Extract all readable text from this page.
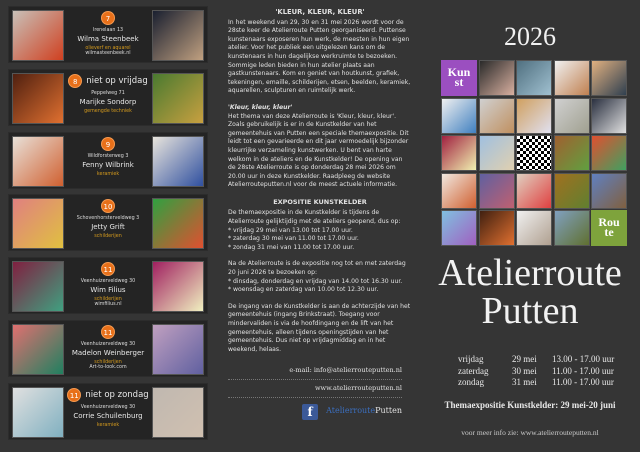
7
Irenelaan 13
Wilma Steenbeek
olieverf en aquarel
wilmasteenbeek.nl
8 niet op vrijdag
Peppelweg 71
Marijke Sondorp
gemengde techniek
9
Wildforsterweg 3
Fenny Wilbrink
keramiek
10
Schovenhorsterveldweg 3
Jetty Grift
schilderijen
11
Veenhuizerveldweg 30
Wim Filius
schilderijen
wimfilius.nl
11
Veenhuizerveldweg 30
Madelon Weinberger
schilderijen
Art-to-look.com
11 niet op zondag
Veenhuizerveldweg 30
Corrie Schuilenburg
keramiek
'KLEUR, KLEUR, KLEUR'

In het weekend van 29, 30 en 31 mei 2026 wordt voor de 28ste keer de Atelierroute Putten georganiseerd. Puttense kunstenaars exposeren hun werk, de meesten in hun eigen atelier. Voor het publiek een uitgelezen kans om de kunstenaars in hun dagelijkse werkruimte te bezoeken. Sommige leden bieden in hun atelier plaats aan gastkunstenaars. Kom en geniet van houtkunst, grafiek, tekeningen, emaille, schilderijen, etsen, beelden, keramiek, aquarellen, sculpturen en ruimtelijk werk.

'Kleur, kleur, kleur'

Het thema van deze Atelierroute is 'Kleur, kleur, kleur'. Zoals gebruikelijk is er in de Kunstkelder van het gemeentehuis van Putten een speciale themaexpositie. Dit leidt tot een gevarieerde en dit jaar vermoedelijk bijzonder kleurrijke verzameling kunstwerken. U bent van harte welkom in de ateliers en de Kunstkelder! De opening van de 28ste Atelierroute is op donderdag 28 mei 2026 om 20.00 uur in deze Kunstkelder. Raadpleeg de website Atelierrouteputten.nl voor de meest actuele informatie.

EXPOSITIE KUNSTKELDER
De themaexpositie in de Kunstkelder is tijdens de Atelierroute gelijktijdig met de ateliers geopend, dus op:
* vrijdag 29 mei van 13.00 tot 17.00 uur.
* zaterdag 30 mei van 11.00 tot 17.00 uur.

* zondag 31 mei van 11.00 tot 17.00 uur.

Na de Atelierroute is de expositie nog tot en met zaterdag 20 juni 2026 te bezoeken op:
* dinsdag, donderdag en vrijdag van 14.00 tot 16.30 uur.

* woensdag en zaterdag van 10.00 tot 12.30 uur.

De ingang van de Kunstkelder is aan de achterzijde van het gemeentehuis (ingang Brinkstraat). Toegang voor mindervaliden is via de hoofdingang en de lift van het gemeentehuis, alleen tijdens openingstijden van het gemeentehuis. Dus niet op vrijdagmiddag en in het weekend, helaas.

e-mail: info@atelierrouteputten.nl
www.atelierrouteputten.nl
f	AtelierroutePutten
2026
Kun
st
Rou
te
Atelierroute
Putten
vrijdag	29 mei	13.00 - 17.00 uur
zaterdag	30 mei	11.00 - 17.00 uur
zondag	31 mei	11.00 - 17.00 uur
Themaexpositie Kunstkelder: 29 mei-20 juni
voor meer info zie: www.atelierrouteputten.nl
